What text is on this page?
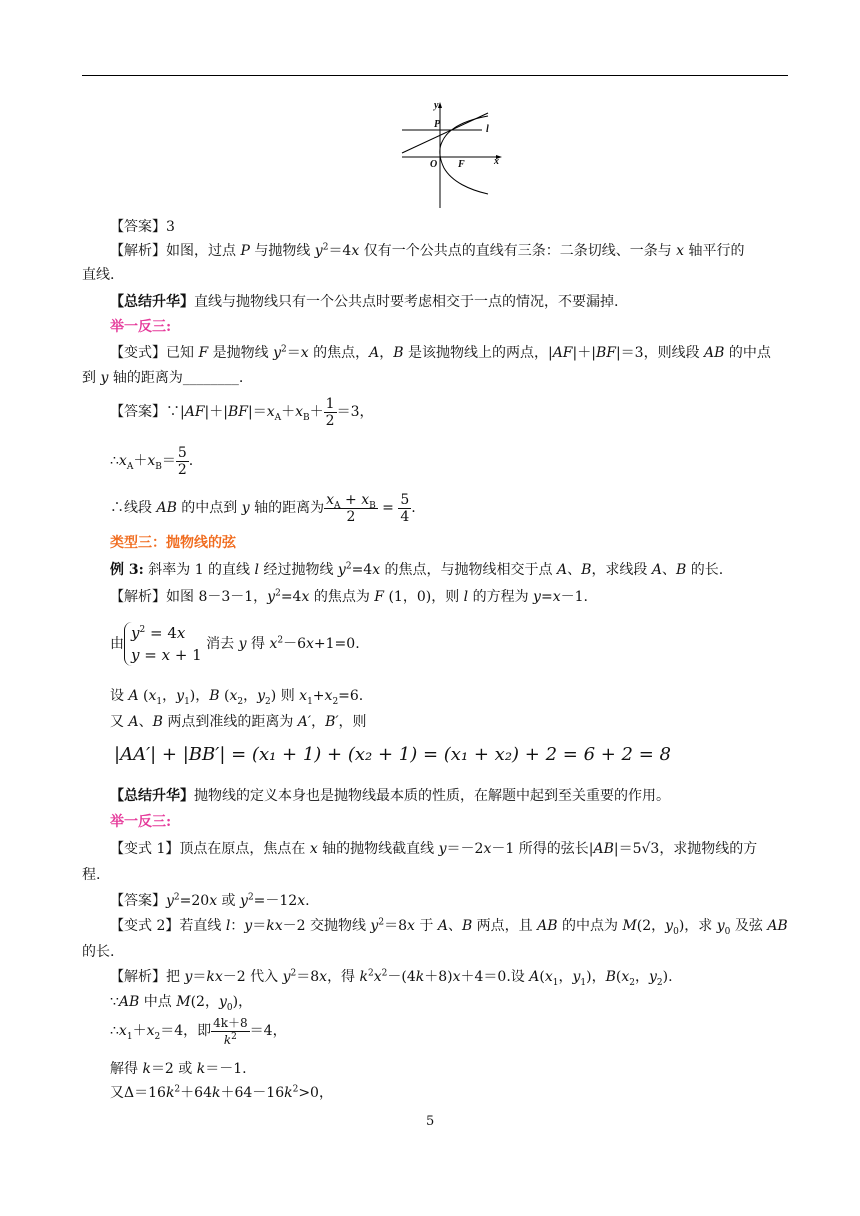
y
P	l
O F	x
【答案】3
【解析】如图，过点 P 与抛物线 $y^2=4x$ 仅有一个公共点的直线有三条：二条切线、一条与 x 轴平行的
直线.
【总结升华】直线与抛物线只有一个公共点时要考虑相交于一点的情况，不要漏掉.
举一反三:
【变式】已知 F 是抛物线 $y^2=x$ 的焦点，A，B 是该抛物线上的两点，|AF|＋|BF|＝3，则线段 AB 的中点
到 y 轴的距离为________.
【答案】$\because|AF|+|BF|=x_A+x_B+ \frac{1}{2} =3$，
$\therefore x_A+x_B= \frac{5}{2}$ .
∴线段 AB 的中点到 y 轴的距离为 $\frac{x_A + x_B}{2} = \frac{5}{4}$ .
类型三：抛物线的弦
例 3: 斜率为 1 的直线 l 经过抛物线 $y^2=4x$ 的焦点，与抛物线相交于点 A、B，求线段 A、B 的长.
【解析】如图 8－3－1，$y^2=4x$ 的焦点为 F (1，0)，则 l 的方程为 y=x－1.
由
$y^2 = 4x$
y = x + 1
消去 y 得 $x^2-6x+1=0$.
设 A ($x_1$，$y_1$)，B ($x_2$，$y_2$) 则 $x_1+x_2=6$.
又 A、B 两点到准线的距离为 A′，B′，则
|AA′| + |BB′| = (x₁ + 1) + (x₂ + 1) = (x₁ + x₂) + 2 = 6 + 2 = 8
【总结升华】抛物线的定义本身也是抛物线最本质的性质，在解题中起到至关重要的作用。
举一反三:
【变式 1】顶点在原点，焦点在 x 轴的抛物线截直线 y＝－2x－1 所得的弦长|AB|＝5√3，求抛物线的方
程.
【答案】$y^2=20x$ 或 $y^2=-12x$.
【变式 2】若直线 l：y＝kx－2 交抛物线 $y^2=8x$ 于 A、B 两点，且 AB 的中点为 M(2，$y_0$)，求 $y_0$ 及弦 AB
的长.
【解析】把 y＝kx－2 代入 $y^2=8x$，得 $k^2x^2-(4k+8)x+4=0$.设 $A(x_1$，$y_1$)，$B(x_2$，$y_2$).
∵AB 中点 M(2，$y_0$)，
$\therefore x_1+x_2=4$，即 $\frac{4k+8}{k^2} =4$，
解得 k＝2 或 k＝－1.
又$\Delta=16k^2+64k+64-16k^2>0$，
5
